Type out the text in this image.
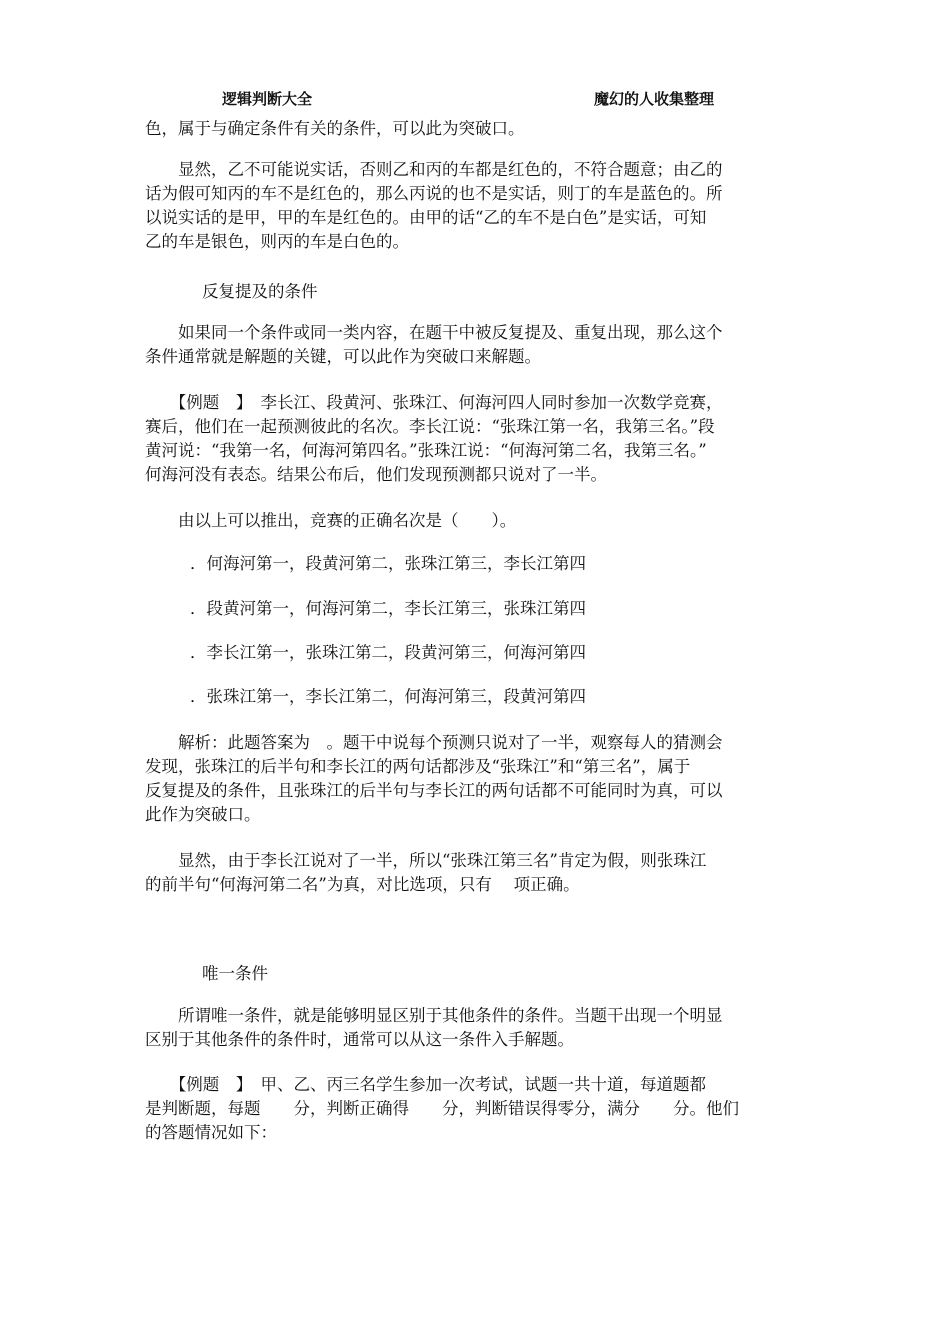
逻辑判断大全	魔幻的人收集整理
色，属于与确定条件有关的条件，可以此为突破口。
　　显然，乙不可能说实话，否则乙和丙的车都是红色的，不符合题意；由乙的
话为假可知丙的车不是红色的，那么丙说的也不是实话，则丁的车是蓝色的。所
以说实话的是甲，甲的车是红色的。由甲的话“乙的车不是白色”是实话，可知
乙的车是银色，则丙的车是白色的。
反复提及的条件
　　如果同一个条件或同一类内容，在题干中被反复提及、重复出现，那么这个
条件通常就是解题的关键，可以此作为突破口来解题。
　　【例题　】　李长江、段黄河、张珠江、何海河四人同时参加一次数学竞赛，
赛后，他们在一起预测彼此的名次。李长江说：“张珠江第一名，我第三名。”段
黄河说：“我第一名，何海河第四名。”张珠江说：“何海河第二名，我第三名。”
何海河没有表态。结果公布后，他们发现预测都只说对了一半。
　　由以上可以推出，竞赛的正确名次是（　　）。
．何海河第一，段黄河第二，张珠江第三，李长江第四
．段黄河第一，何海河第二，李长江第三，张珠江第四
．李长江第一，张珠江第二，段黄河第三，何海河第四
．张珠江第一，李长江第二，何海河第三，段黄河第四
　　解析：此题答案为　。题干中说每个预测只说对了一半，观察每人的猜测会
发现，张珠江的后半句和李长江的两句话都涉及“张珠江”和“第三名”，属于
反复提及的条件，且张珠江的后半句与李长江的两句话都不可能同时为真，可以
此作为突破口。
　　显然，由于李长江说对了一半，所以“张珠江第三名”肯定为假，则张珠江
的前半句“何海河第二名”为真，对比选项，只有　 项正确。
唯一条件
　　所谓唯一条件，就是能够明显区别于其他条件的条件。当题干出现一个明显
区别于其他条件的条件时，通常可以从这一条件入手解题。
　　【例题　】　甲、乙、丙三名学生参加一次考试，试题一共十道，每道题都
是判断题，每题　　分，判断正确得　　分，判断错误得零分，满分　　分。他们
的答题情况如下：
